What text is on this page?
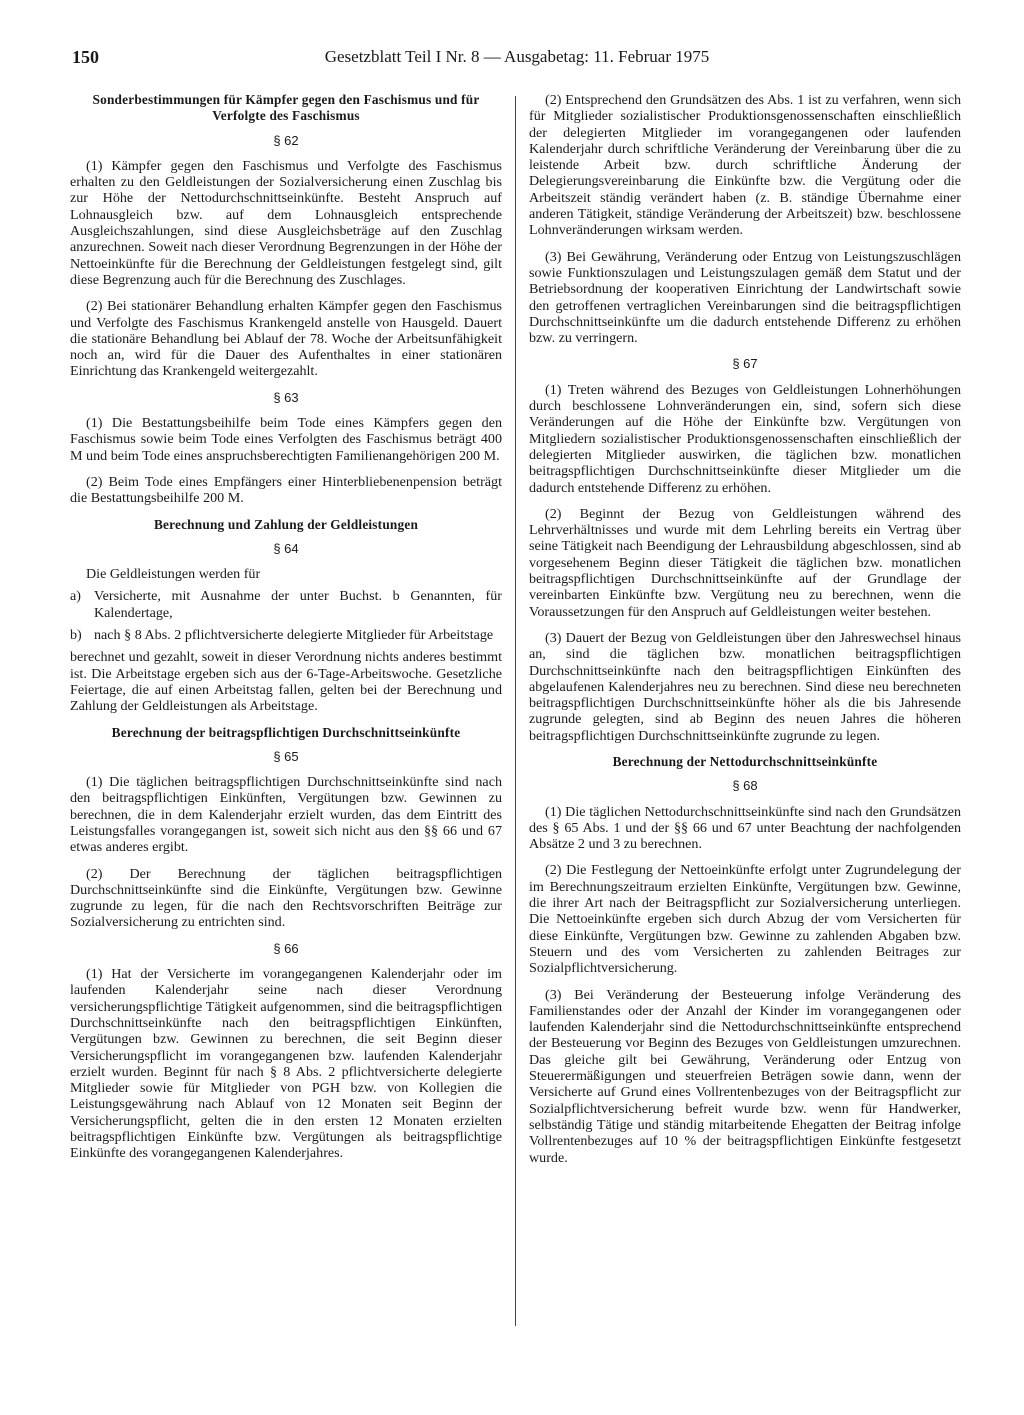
150	Gesetzblatt Teil I Nr. 8 — Ausgabetag: 11. Februar 1975

Sonderbestimmungen für Kämpfer gegen den Faschismus und für Verfolgte des Faschismus

§ 62

(1) Kämpfer gegen den Faschismus und Verfolgte des Faschismus erhalten zu den Geldleistungen der Sozialversicherung einen Zuschlag bis zur Höhe der Nettodurchschnittseinkünfte. Besteht Anspruch auf Lohnausgleich bzw. auf dem Lohnausgleich entsprechende Ausgleichszahlungen, sind diese Ausgleichsbeträge auf den Zuschlag anzurechnen. Soweit nach dieser Verordnung Begrenzungen in der Höhe der Nettoeinkünfte für die Berechnung der Geldleistungen festgelegt sind, gilt diese Begrenzung auch für die Berechnung des Zuschlages.

(2) Bei stationärer Behandlung erhalten Kämpfer gegen den Faschismus und Verfolgte des Faschismus Krankengeld anstelle von Hausgeld. Dauert die stationäre Behandlung bei Ablauf der 78. Woche der Arbeitsunfähigkeit noch an, wird für die Dauer des Aufenthaltes in einer stationären Einrichtung das Krankengeld weitergezahlt.

§ 63

(1) Die Bestattungsbeihilfe beim Tode eines Kämpfers gegen den Faschismus sowie beim Tode eines Verfolgten des Faschismus beträgt 400 M und beim Tode eines anspruchsberechtigten Familienangehörigen 200 M.

(2) Beim Tode eines Empfängers einer Hinterbliebenenpension beträgt die Bestattungsbeihilfe 200 M.

Berechnung und Zahlung der Geldleistungen

§ 64

Die Geldleistungen werden für

a) Versicherte, mit Ausnahme der unter Buchst. b Genannten, für Kalendertage,
b) nach § 8 Abs. 2 pflichtversicherte delegierte Mitglieder für Arbeitstage

berechnet und gezahlt, soweit in dieser Verordnung nichts anderes bestimmt ist. Die Arbeitstage ergeben sich aus der 6-Tage-Arbeitswoche. Gesetzliche Feiertage, die auf einen Arbeitstag fallen, gelten bei der Berechnung und Zahlung der Geldleistungen als Arbeitstage.

Berechnung der beitragspflichtigen Durchschnittseinkünfte

§ 65

(1) Die täglichen beitragspflichtigen Durchschnittseinkünfte sind nach den beitragspflichtigen Einkünften, Vergütungen bzw. Gewinnen zu berechnen, die in dem Kalenderjahr erzielt wurden, das dem Eintritt des Leistungsfalles vorangegangen ist, soweit sich nicht aus den §§ 66 und 67 etwas anderes ergibt.

(2) Der Berechnung der täglichen beitragspflichtigen Durchschnittseinkünfte sind die Einkünfte, Vergütungen bzw. Gewinne zugrunde zu legen, für die nach den Rechtsvorschriften Beiträge zur Sozialversicherung zu entrichten sind.

§ 66

(1) Hat der Versicherte im vorangegangenen Kalenderjahr oder im laufenden Kalenderjahr seine nach dieser Verordnung versicherungspflichtige Tätigkeit aufgenommen, sind die beitragspflichtigen Durchschnittseinkünfte nach den beitragspflichtigen Einkünften, Vergütungen bzw. Gewinnen zu berechnen, die seit Beginn dieser Versicherungspflicht im vorangegangenen bzw. laufenden Kalenderjahr erzielt wurden. Beginnt für nach § 8 Abs. 2 pflichtversicherte delegierte Mitglieder sowie für Mitglieder von PGH bzw. von Kollegien die Leistungsgewährung nach Ablauf von 12 Monaten seit Beginn der Versicherungspflicht, gelten die in den ersten 12 Monaten erzielten beitragspflichtigen Einkünfte bzw. Vergütungen als beitragspflichtige Einkünfte des vorangegangenen Kalenderjahres.

(2) Entsprechend den Grundsätzen des Abs. 1 ist zu verfahren, wenn sich für Mitglieder sozialistischer Produktionsgenossenschaften einschließlich der delegierten Mitglieder im vorangegangenen oder laufenden Kalenderjahr durch schriftliche Veränderung der Vereinbarung über die zu leistende Arbeit bzw. durch schriftliche Änderung der Delegierungsvereinbarung die Einkünfte bzw. die Vergütung oder die Arbeitszeit ständig verändert haben (z. B. ständige Übernahme einer anderen Tätigkeit, ständige Veränderung der Arbeitszeit) bzw. beschlossene Lohnveränderungen wirksam werden.

(3) Bei Gewährung, Veränderung oder Entzug von Leistungszuschlägen sowie Funktionszulagen und Leistungszulagen gemäß dem Statut und der Betriebsordnung der kooperativen Einrichtung der Landwirtschaft sowie den getroffenen vertraglichen Vereinbarungen sind die beitragspflichtigen Durchschnittseinkünfte um die dadurch entstehende Differenz zu erhöhen bzw. zu verringern.

§ 67

(1) Treten während des Bezuges von Geldleistungen Lohnerhöhungen durch beschlossene Lohnveränderungen ein, sind, sofern sich diese Veränderungen auf die Höhe der Einkünfte bzw. Vergütungen von Mitgliedern sozialistischer Produktionsgenossenschaften einschließlich der delegierten Mitglieder auswirken, die täglichen bzw. monatlichen beitragspflichtigen Durchschnittseinkünfte dieser Mitglieder um die dadurch entstehende Differenz zu erhöhen.

(2) Beginnt der Bezug von Geldleistungen während des Lehrverhältnisses und wurde mit dem Lehrling bereits ein Vertrag über seine Tätigkeit nach Beendigung der Lehrausbildung abgeschlossen, sind ab vorgesehenem Beginn dieser Tätigkeit die täglichen bzw. monatlichen beitragspflichtigen Durchschnittseinkünfte auf der Grundlage der vereinbarten Einkünfte bzw. Vergütung neu zu berechnen, wenn die Voraussetzungen für den Anspruch auf Geldleistungen weiter bestehen.

(3) Dauert der Bezug von Geldleistungen über den Jahreswechsel hinaus an, sind die täglichen bzw. monatlichen beitragspflichtigen Durchschnittseinkünfte nach den beitragspflichtigen Einkünften des abgelaufenen Kalenderjahres neu zu berechnen. Sind diese neu berechneten beitragspflichtigen Durchschnittseinkünfte höher als die bis Jahresende zugrunde gelegten, sind ab Beginn des neuen Jahres die höheren beitragspflichtigen Durchschnittseinkünfte zugrunde zu legen.

Berechnung der Nettodurchschnittseinkünfte

§ 68

(1) Die täglichen Nettodurchschnittseinkünfte sind nach den Grundsätzen des § 65 Abs. 1 und der §§ 66 und 67 unter Beachtung der nachfolgenden Absätze 2 und 3 zu berechnen.

(2) Die Festlegung der Nettoeinkünfte erfolgt unter Zugrundelegung der im Berechnungszeitraum erzielten Einkünfte, Vergütungen bzw. Gewinne, die ihrer Art nach der Beitragspflicht zur Sozialversicherung unterliegen. Die Nettoeinkünfte ergeben sich durch Abzug der vom Versicherten für diese Einkünfte, Vergütungen bzw. Gewinne zu zahlenden Abgaben bzw. Steuern und des vom Versicherten zu zahlenden Beitrages zur Sozialpflichtversicherung.

(3) Bei Veränderung der Besteuerung infolge Veränderung des Familienstandes oder der Anzahl der Kinder im vorangegangenen oder laufenden Kalenderjahr sind die Nettodurchschnittseinkünfte entsprechend der Besteuerung vor Beginn des Bezuges von Geldleistungen umzurechnen. Das gleiche gilt bei Gewährung, Veränderung oder Entzug von Steuerermäßigungen und steuerfreien Beträgen sowie dann, wenn der Versicherte auf Grund eines Vollrentenbezuges von der Beitragspflicht zur Sozialpflichtversicherung befreit wurde bzw. wenn für Handwerker, selbständig Tätige und ständig mitarbeitende Ehegatten der Beitrag infolge Vollrentenbezuges auf 10 % der beitragspflichtigen Einkünfte festgesetzt wurde.
